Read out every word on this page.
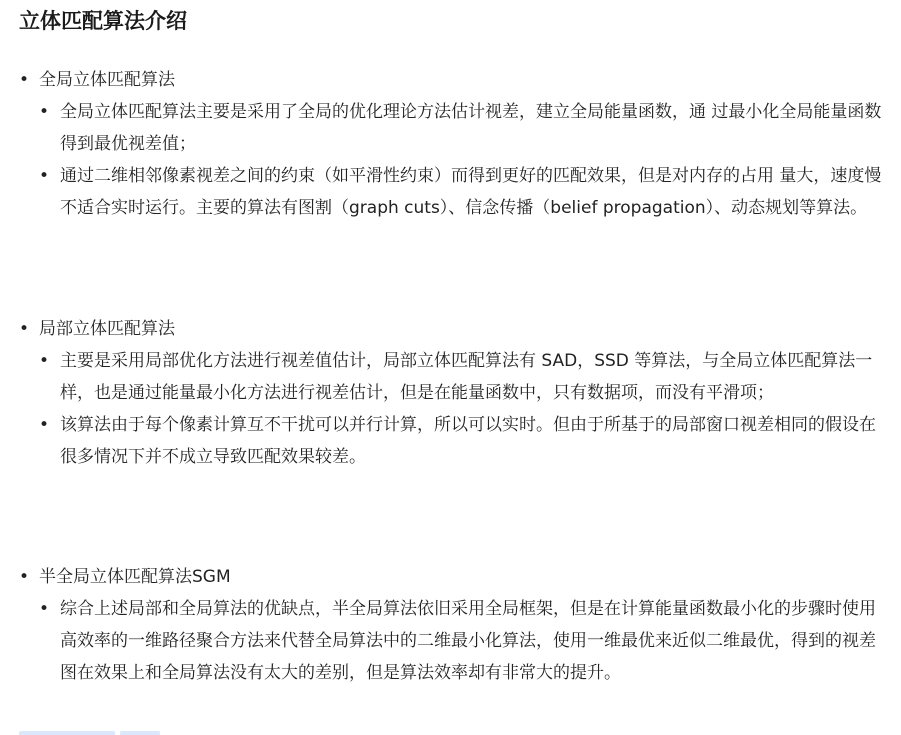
立体匹配算法介绍
• 全局立体匹配算法
• 全局立体匹配算法主要是采用了全局的优化理论方法估计视差，建立全局能量函数，通 过最小化全局能量函数得到最优视差值；
• 通过二维相邻像素视差之间的约束（如平滑性约束）而得到更好的匹配效果，但是对内存的占用 量大，速度慢不适合实时运行。主要的算法有图割（graph cuts）、信念传播（belief propagation）、动态规划等算法。
• 局部立体匹配算法
• 主要是采用局部优化方法进行视差值估计，局部立体匹配算法有 SAD，SSD 等算法，与全局立体匹配算法一样，也是通过能量最小化方法进行视差估计，但是在能量函数中，只有数据项，而没有平滑项；
• 该算法由于每个像素计算互不干扰可以并行计算，所以可以实时。但由于所基于的局部窗口视差相同的假设在很多情况下并不成立导致匹配效果较差。
• 半全局立体匹配算法SGM
• 综合上述局部和全局算法的优缺点，半全局算法依旧采用全局框架，但是在计算能量函数最小化的步骤时使用高效率的一维路径聚合方法来代替全局算法中的二维最小化算法，使用一维最优来近似二维最优，得到的视差图在效果上和全局算法没有太大的差别，但是算法效率却有非常大的提升。
